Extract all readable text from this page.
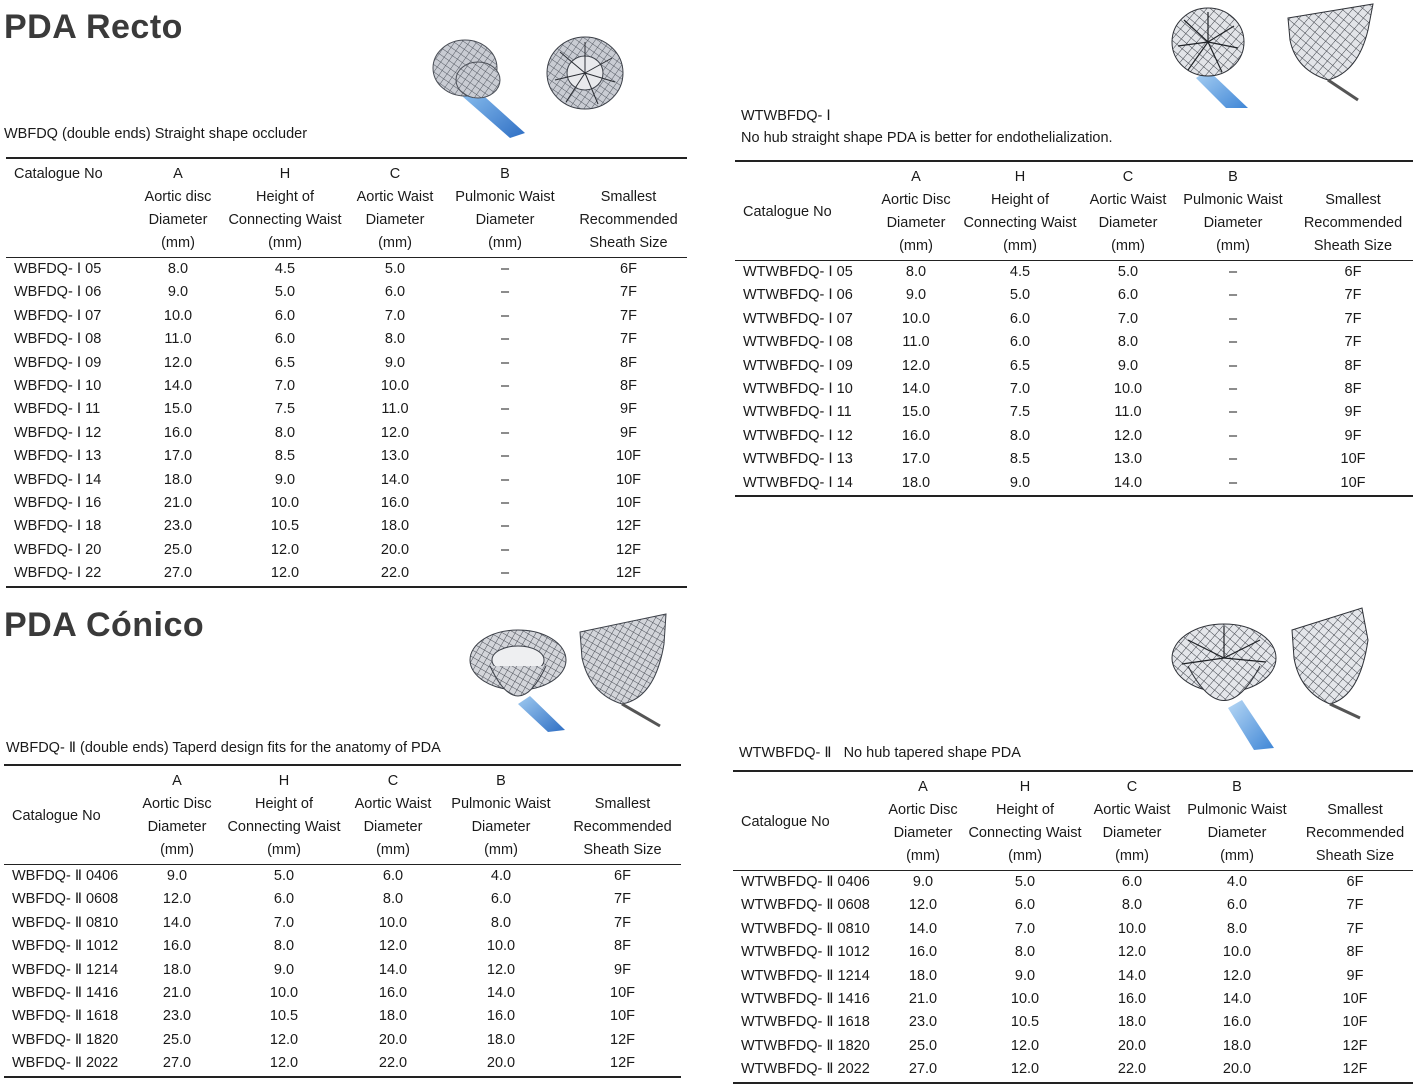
PDA Recto

WTWBFDQ- Ⅰ

No hub straight shape PDA is better for endothelialization.

WBFDQ (double ends) Straight shape occluder

Catalogue No	A
Aortic disc
Diameter
(mm)	H
Height of
Connecting Waist
(mm)	C
Aortic Waist
Diameter
(mm)	B
Pulmonic Waist
Diameter
(mm)	Smallest
Recommended
Sheath Size

WBFDQ- Ⅰ 05	8.0	4.5	5.0	–	6F
WBFDQ- Ⅰ 06	9.0	5.0	6.0	–	7F
WBFDQ- Ⅰ 07	10.0	6.0	7.0	–	7F
WBFDQ- Ⅰ 08	11.0	6.0	8.0	–	7F
WBFDQ- Ⅰ 09	12.0	6.5	9.0	–	8F
WBFDQ- Ⅰ 10	14.0	7.0	10.0	–	8F
WBFDQ- Ⅰ 11	15.0	7.5	11.0	–	9F
WBFDQ- Ⅰ 12	16.0	8.0	12.0	–	9F
WBFDQ- Ⅰ 13	17.0	8.5	13.0	–	10F
WBFDQ- Ⅰ 14	18.0	9.0	14.0	–	10F
WBFDQ- Ⅰ 16	21.0	10.0	16.0	–	10F
WBFDQ- Ⅰ 18	23.0	10.5	18.0	–	12F
WBFDQ- Ⅰ 20	25.0	12.0	20.0	–	12F
WBFDQ- Ⅰ 22	27.0	12.0	22.0	–	12F
Catalogue No	A
Aortic Disc
Diameter
(mm)	H
Height of
Connecting Waist
(mm)	C
Aortic Waist
Diameter
(mm)	B
Pulmonic Waist
Diameter
(mm)	Smallest
Recommended
Sheath Size

WTWBFDQ- Ⅰ 05	8.0	4.5	5.0	–	6F
WTWBFDQ- Ⅰ 06	9.0	5.0	6.0	–	7F
WTWBFDQ- Ⅰ 07	10.0	6.0	7.0	–	7F
WTWBFDQ- Ⅰ 08	11.0	6.0	8.0	–	7F
WTWBFDQ- Ⅰ 09	12.0	6.5	9.0	–	8F
WTWBFDQ- Ⅰ 10	14.0	7.0	10.0	–	8F
WTWBFDQ- Ⅰ 11	15.0	7.5	11.0	–	9F
WTWBFDQ- Ⅰ 12	16.0	8.0	12.0	–	9F
WTWBFDQ- Ⅰ 13	17.0	8.5	13.0	–	10F
WTWBFDQ- Ⅰ 14	18.0	9.0	14.0	–	10F
PDA Cónico

WBFDQ- Ⅱ (double ends) Taperd design fits for the anatomy of PDA	WTWBFDQ- Ⅱ   No hub tapered shape PDA

Catalogue No	A
Aortic Disc
Diameter
(mm)	H
Height of
Connecting Waist
(mm)	C
Aortic Waist
Diameter
(mm)	B
Pulmonic Waist
Diameter
(mm)	Smallest
Recommended
Sheath Size

WBFDQ- Ⅱ 0406	9.0	5.0	6.0	4.0	6F
WBFDQ- Ⅱ 0608	12.0	6.0	8.0	6.0	7F
WBFDQ- Ⅱ 0810	14.0	7.0	10.0	8.0	7F
WBFDQ- Ⅱ 1012	16.0	8.0	12.0	10.0	8F
WBFDQ- Ⅱ 1214	18.0	9.0	14.0	12.0	9F
WBFDQ- Ⅱ 1416	21.0	10.0	16.0	14.0	10F
WBFDQ- Ⅱ 1618	23.0	10.5	18.0	16.0	10F
WBFDQ- Ⅱ 1820	25.0	12.0	20.0	18.0	12F
WBFDQ- Ⅱ 2022	27.0	12.0	22.0	20.0	12F
Catalogue No	A
Aortic Disc
Diameter
(mm)	H
Height of
Connecting Waist
(mm)	C
Aortic Waist
Diameter
(mm)	B
Pulmonic Waist
Diameter
(mm)	Smallest
Recommended
Sheath Size

WTWBFDQ- Ⅱ 0406	9.0	5.0	6.0	4.0	6F
WTWBFDQ- Ⅱ 0608	12.0	6.0	8.0	6.0	7F
WTWBFDQ- Ⅱ 0810	14.0	7.0	10.0	8.0	7F
WTWBFDQ- Ⅱ 1012	16.0	8.0	12.0	10.0	8F
WTWBFDQ- Ⅱ 1214	18.0	9.0	14.0	12.0	9F
WTWBFDQ- Ⅱ 1416	21.0	10.0	16.0	14.0	10F
WTWBFDQ- Ⅱ 1618	23.0	10.5	18.0	16.0	10F
WTWBFDQ- Ⅱ 1820	25.0	12.0	20.0	18.0	12F
WTWBFDQ- Ⅱ 2022	27.0	12.0	22.0	20.0	12F
